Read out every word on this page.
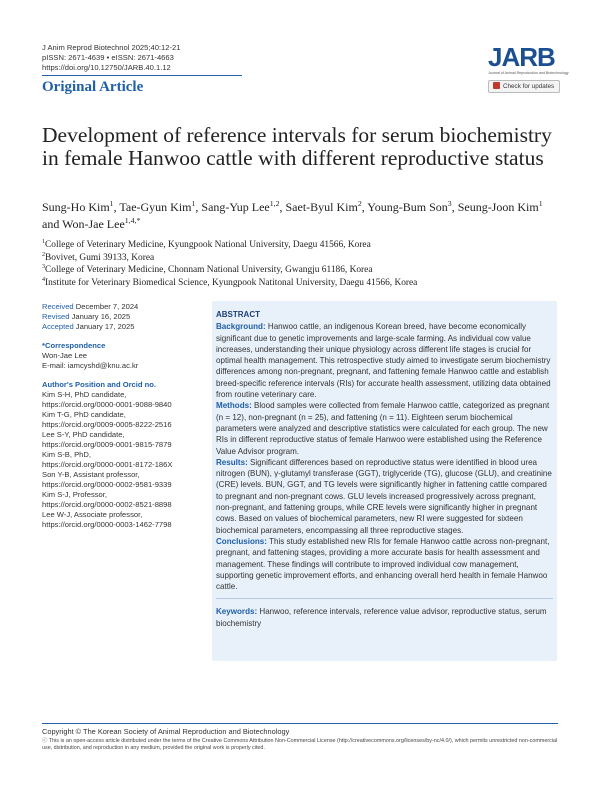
J Anim Reprod Biotechnol 2025;40:12-21
pISSN: 2671-4639 • eISSN: 2671-4663
https://doi.org/10.12750/JARB.40.1.12
Original Article
JARB
Journal of Animal Reproduction and Biotechnology
Check for updates
Development of reference intervals for serum biochemistry in female Hanwoo cattle with different reproductive status
Sung-Ho Kim$^1$, Tae-Gyun Kim$^1$, Sang-Yup Lee$^{1,2}$, Saet-Byul Kim$^2$, Young-Bum Son$^3$, Seung-Joon Kim$^1$ and Won-Jae Lee$^{1,4,*}$
$^1$College of Veterinary Medicine, Kyungpook National University, Daegu 41566, Korea
$^2$Bovivet, Gumi 39133, Korea
$^3$College of Veterinary Medicine, Chonnam National University, Gwangju 61186, Korea
$^4$Institute for Veterinary Biomedical Science, Kyungpook Natitonal University, Daegu 41566, Korea
Received December 7, 2024
Revised January 16, 2025
Accepted January 17, 2025
*Correspondence
Won-Jae Lee
E-mail: iamcyshd@knu.ac.kr
Author's Position and Orcid no.
Kim S-H, PhD candidate,
https://orcid.org/0000-0001-9088-9840
Kim T-G, PhD candidate,
https://orcid.org/0009-0005-8222-2516
Lee S-Y, PhD candidate,
https://orcid.org/0009-0001-9815-7879
Kim S-B, PhD,
https://orcid.org/0000-0001-8172-186X
Son Y-B, Assistant professor,
https://orcid.org/0000-0002-9581-9339
Kim S-J, Professor,
https://orcid.org/0000-0002-8521-8898
Lee W-J, Associate professor,
https://orcid.org/0000-0003-1462-7798
ABSTRACT
Background: Hanwoo cattle, an indigenous Korean breed, have become economically significant due to genetic improvements and large-scale farming. As individual cow value increases, understanding their unique physiology across different life stages is crucial for optimal health management. This retrospective study aimed to investigate serum biochemistry differences among non-pregnant, pregnant, and fattening female Hanwoo cattle and establish breed-specific reference intervals (RIs) for accurate health assessment, utilizing data obtained from routine veterinary care.
Methods: Blood samples were collected from female Hanwoo cattle, categorized as pregnant (n = 12), non-pregnant (n = 25), and fattening (n = 11). Eighteen serum biochemical parameters were analyzed and descriptive statistics were calculated for each group. The new RIs in different reproductive status of female Hanwoo were established using the Reference Value Advisor program.
Results: Significant differences based on reproductive status were identified in blood urea nitrogen (BUN), γ-glutamyl transferase (GGT), triglyceride (TG), glucose (GLU), and creatinine (CRE) levels. BUN, GGT, and TG levels were significantly higher in fattening cattle compared to pregnant and non-pregnant cows. GLU levels increased progressively across pregnant, non-pregnant, and fattening groups, while CRE levels were significantly higher in pregnant cows. Based on values of biochemical parameters, new RI were suggested for sixteen biochemical parameters, encompassing all three reproductive stages.
Conclusions: This study established new RIs for female Hanwoo cattle across non-pregnant, pregnant, and fattening stages, providing a more accurate basis for health assessment and management. These findings will contribute to improved individual cow management, supporting genetic improvement efforts, and enhancing overall herd health in female Hanwoo cattle.
Keywords: Hanwoo, reference intervals, reference value advisor, reproductive status, serum biochemistry
Copyright © The Korean Society of Animal Reproduction and Biotechnology
ⓒ This is an open-access article distributed under the terms of the Creative Commons Attribution Non-Commercial License (http://creativecommons.org/licenses/by-nc/4.0/), which permits unrestricted non-commercial use, distribution, and reproduction in any medium, provided the original work is properly cited.
